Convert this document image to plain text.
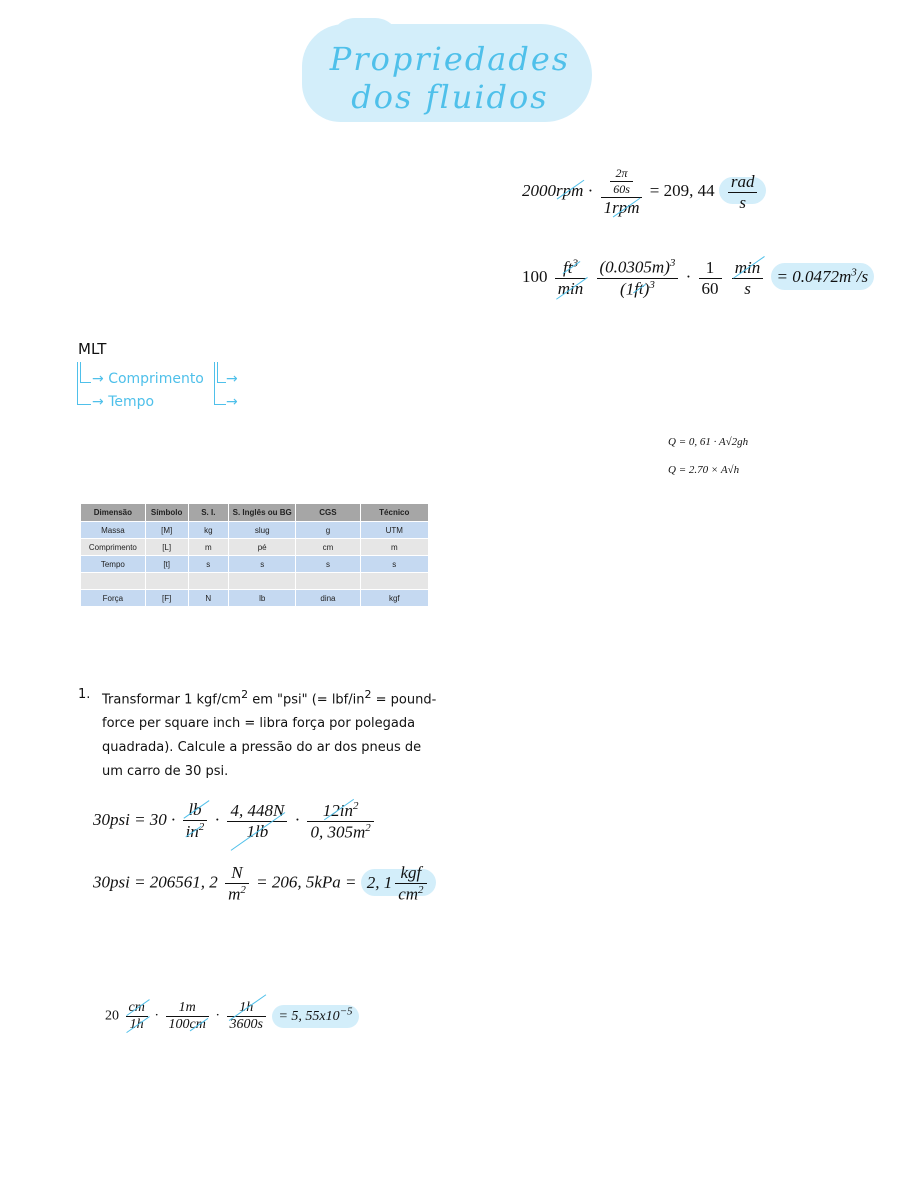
Propriedades dos fluidos
$2000rpm \cdot \frac{\frac{2\pi}{60s}}{\text{1rpm}} = 209$, $44 \frac{\text{rad}}{s}$
$100 \frac{ft^3}{\min}$
$\frac{(0.0305m)^3}{(1ft)^3} \cdot \frac{1}{60}$
$\frac{\min}{s} = 0.0472m^3/s$
Q = 0, 61 · A√2gh
Q = 2.70 × A√h
MLT
→ Comprimento
→ Tempo
→
→
Dimensão	Símbolo	S. I.	S. Inglês ou BG	CGS	Técnico
Massa	[M]	kg	slug	g	UTM
Comprimento	[L]	m	pé	cm	m
Tempo	[t]	s	s	s	s

Força	[F]	N	lb	dina	kgf
1. Transformar 1 kgf/$cm^2$ em "psi" (= lbf/$in^2$ = pound-force per square inch = libra força por polegada quadrada). Calcule a pressão do ar dos pneus de um carro de 30 psi.
$30psi = 30 \cdot \frac{lb}{in^2} \cdot \frac{4, 448N}{1lb} \cdot \frac{12in^2}{0, 305m^2}$
30psi = 206561, $2 \frac{N}{m^2} = 206$, 5kPa = 2, $1 \frac{\text{kgf}}{cm^2}$
$20 \frac{cm}{1h} \cdot \frac{1m}{100cm} \cdot \frac{1h}{3600s} = 5$, $55x10^{-5}$
